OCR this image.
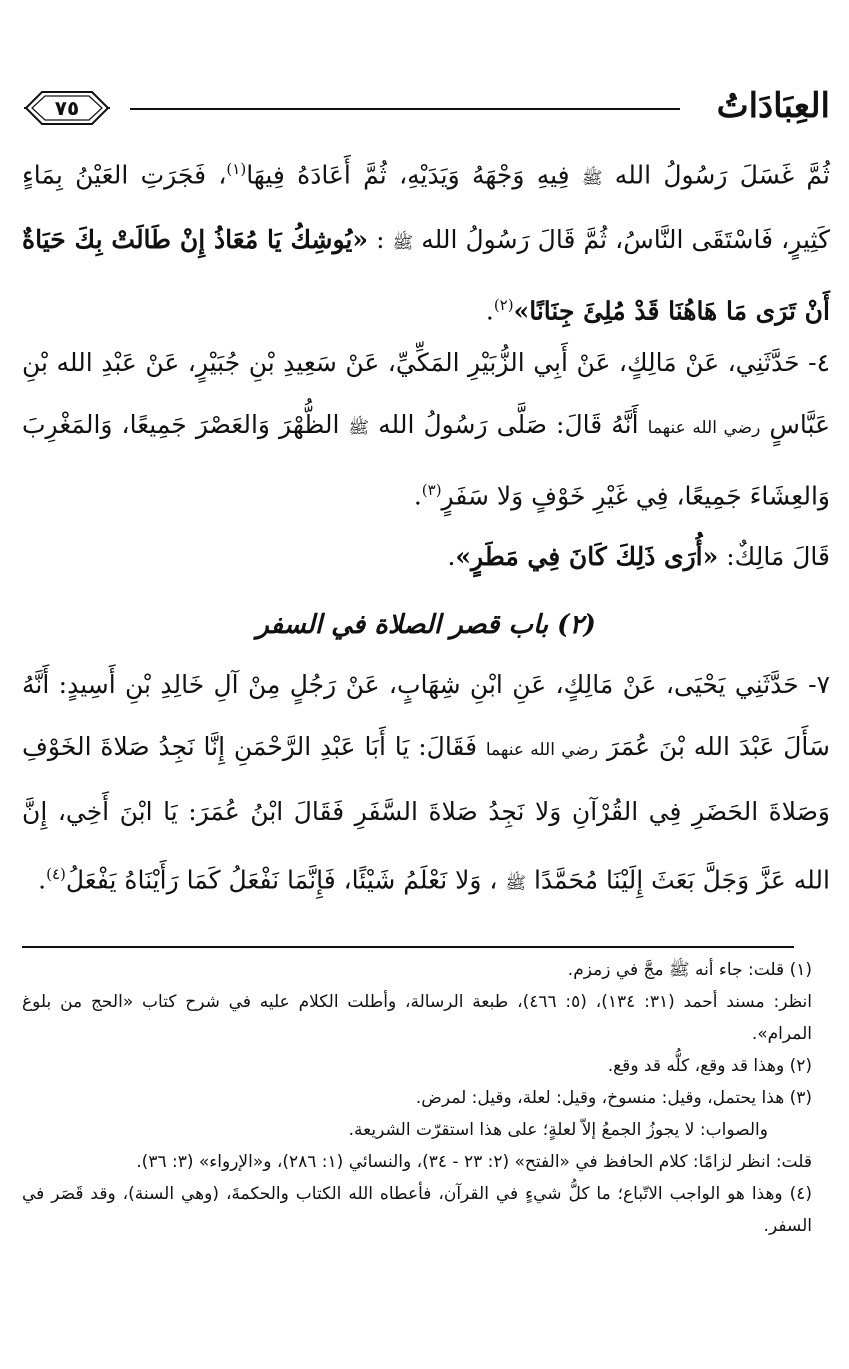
٧٥	العِبَادَاتُ

ثُمَّ غَسَلَ رَسُولُ الله ﷺ فِيهِ وَجْهَهُ وَيَدَيْهِ، ثُمَّ أَعَادَهُ فِيهَا$^{(١)}$، فَجَرَتِ العَيْنُ بِمَاءٍ كَثِيرٍ، فَاسْتَقَى النَّاسُ، ثُمَّ قَالَ رَسُولُ الله ﷺ : «يُوشِكُ يَا مُعَاذُ إِنْ طَالَتْ بِكَ حَيَاةٌ أَنْ تَرَى مَا هَاهُنَا قَدْ مُلِئَ جِنَانًا»$^{(٢)}$.

٤- حَدَّثَنِي، عَنْ مَالِكٍ، عَنْ أَبِي الزُّبَيْرِ المَكِّيِّ، عَنْ سَعِيدِ بْنِ جُبَيْرٍ، عَنْ عَبْدِ الله بْنِ عَبَّاسٍ رضي الله عنهما أَنَّهُ قَالَ: صَلَّى رَسُولُ الله ﷺ الظُّهْرَ وَالعَصْرَ جَمِيعًا، وَالمَغْرِبَ وَالعِشَاءَ جَمِيعًا، فِي غَيْرِ خَوْفٍ وَلا سَفَرٍ$^{(٣)}$.

قَالَ مَالِكٌ: «أُرَى ذَلِكَ كَانَ فِي مَطَرٍ».

(٢) باب قصر الصلاة في السفر

٧- حَدَّثَنِي يَحْيَى، عَنْ مَالِكٍ، عَنِ ابْنِ شِهَابٍ، عَنْ رَجُلٍ مِنْ آلِ خَالِدِ بْنِ أَسِيدٍ: أَنَّهُ سَأَلَ عَبْدَ الله بْنَ عُمَرَ رضي الله عنهما فَقَالَ: يَا أَبَا عَبْدِ الرَّحْمَنِ إِنَّا نَجِدُ صَلاةَ الخَوْفِ وَصَلاةَ الحَضَرِ فِي القُرْآنِ وَلا نَجِدُ صَلاةَ السَّفَرِ فَقَالَ ابْنُ عُمَرَ: يَا ابْنَ أَخِي، إِنَّ الله عَزَّ وَجَلَّ بَعَثَ إِلَيْنَا مُحَمَّدًا ﷺ ، وَلا نَعْلَمُ شَيْئًا، فَإِنَّمَا نَفْعَلُ كَمَا رَأَيْنَاهُ يَفْعَلُ$^{(٤)}$.

(١) قلت: جاء أنه ﷺ مجَّ في زمزم.

انظر: مسند أحمد (٣١: ١٣٤)، (٥: ٤٦٦)، طبعة الرسالة، وأطلت الكلام عليه في شرح كتاب «الحج من بلوغ المرام».

(٢) وهذا قد وقع، كلُّه قد وقع.

(٣) هذا يحتمل، وقيل: منسوخ، وقيل: لعلة، وقيل: لمرض.

والصواب: لا يجوزُ الجمعُ إلاّ لعلةٍ؛ على هذا استقرّت الشريعة.

قلت: انظر لزامًا: كلام الحافظ في «الفتح» (٢: ٢٣ - ٣٤)، والنسائي (١: ٢٨٦)، و«الإرواء» (٣: ٣٦).

(٤) وهذا هو الواجب الاتّباع؛ ما كلُّ شيءٍ في القرآن، فأعطاه الله الكتاب والحكمةَ، (وهي السنة)، وقد قَصَر في السفر.
